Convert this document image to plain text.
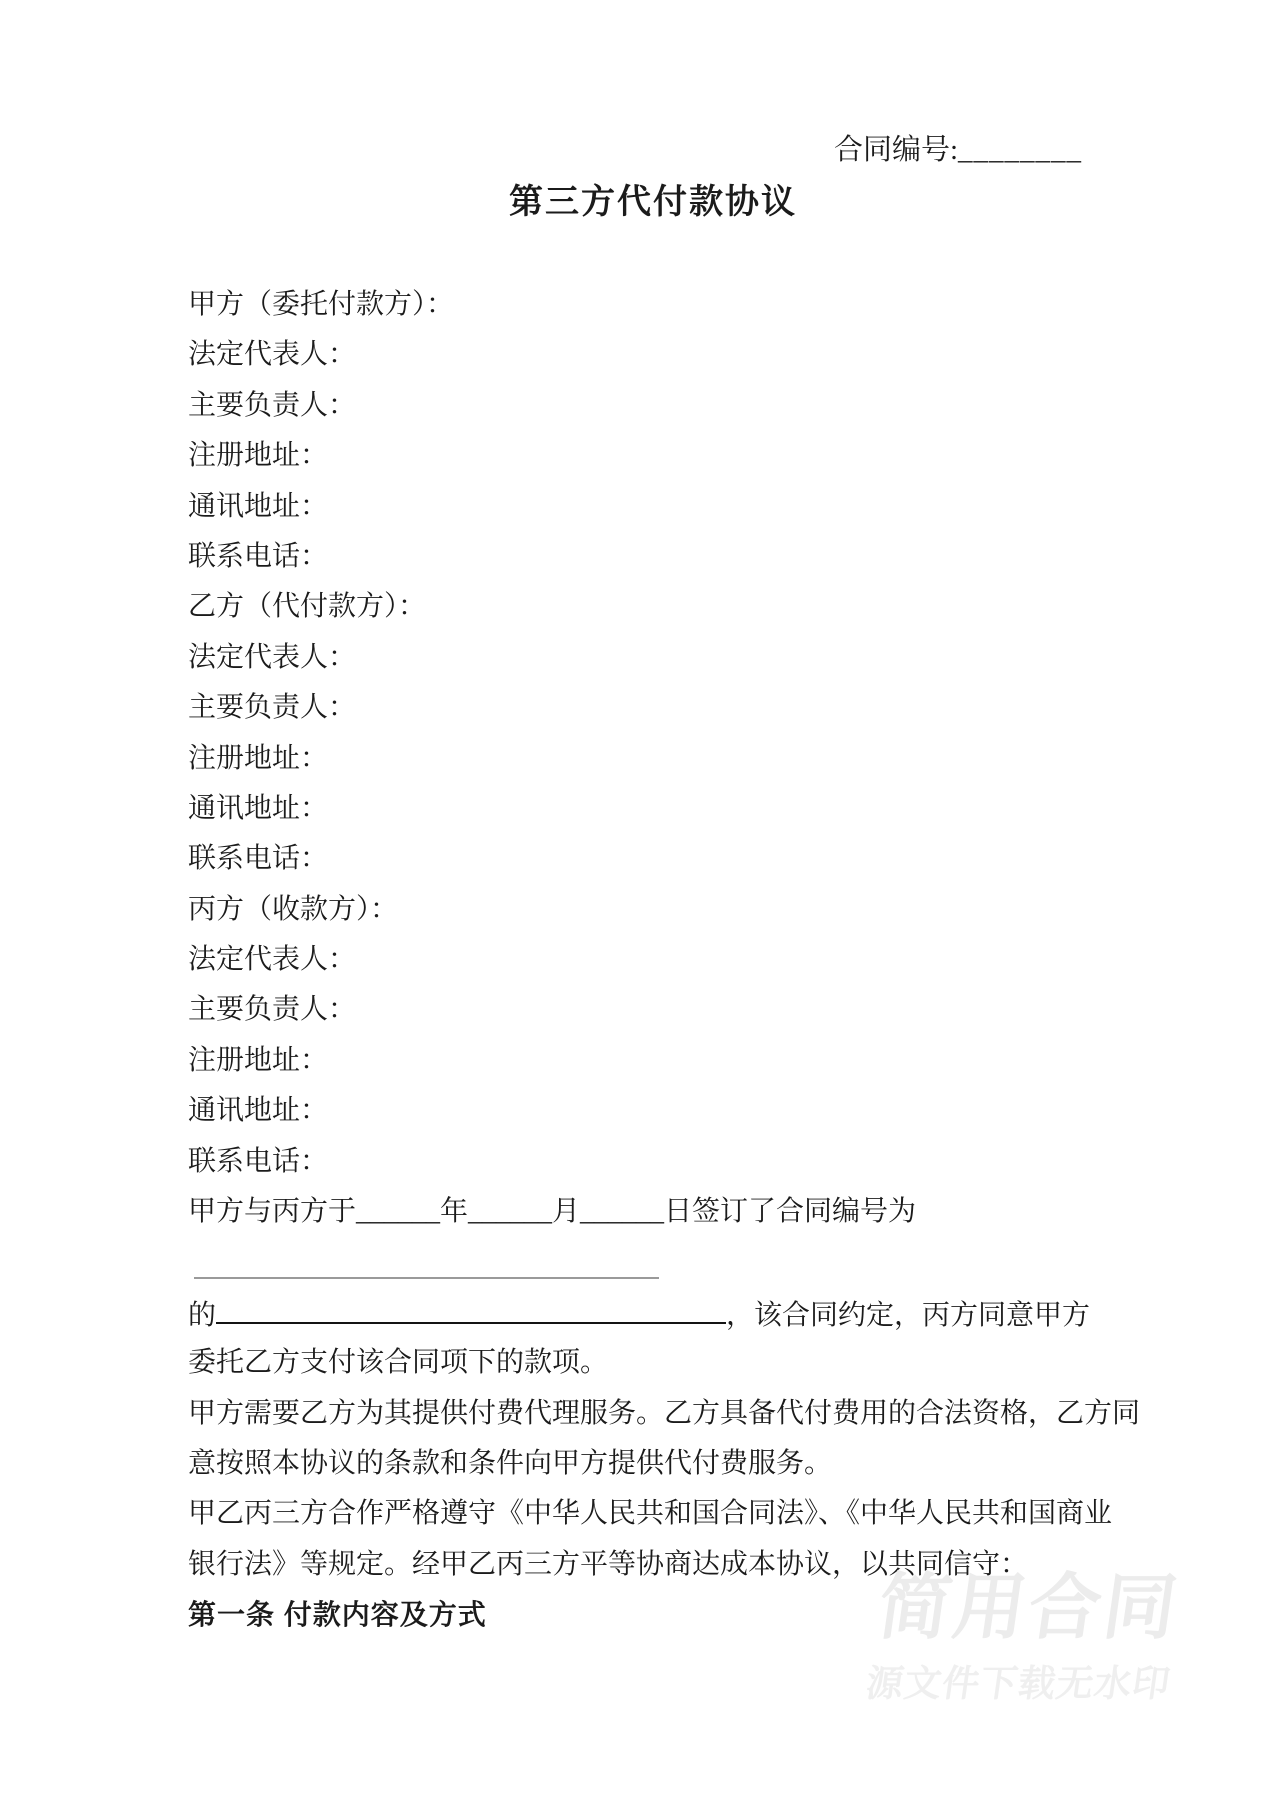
合同编号:________
第三方代付款协议
甲方（委托付款方）：
法定代表人：
主要负责人：
注册地址：
通讯地址：
联系电话：
乙方（代付款方）：
法定代表人：
主要负责人：
注册地址：
通讯地址：
联系电话：
丙方（收款方）：
法定代表人：
主要负责人：
注册地址：
通讯地址：
联系电话：
甲方与丙方于______年______月______日签订了合同编号为
的	，该合同约定，丙方同意甲方
委托乙方支付该合同项下的款项。
甲方需要乙方为其提供付费代理服务。乙方具备代付费用的合法资格，乙方同
意按照本协议的条款和条件向甲方提供代付费服务。
甲乙丙三方合作严格遵守《中华人民共和国合同法》、《中华人民共和国商业
银行法》等规定。经甲乙丙三方平等协商达成本协议，以共同信守：
第一条 付款内容及方式	简用合同
源文件下载无水印
